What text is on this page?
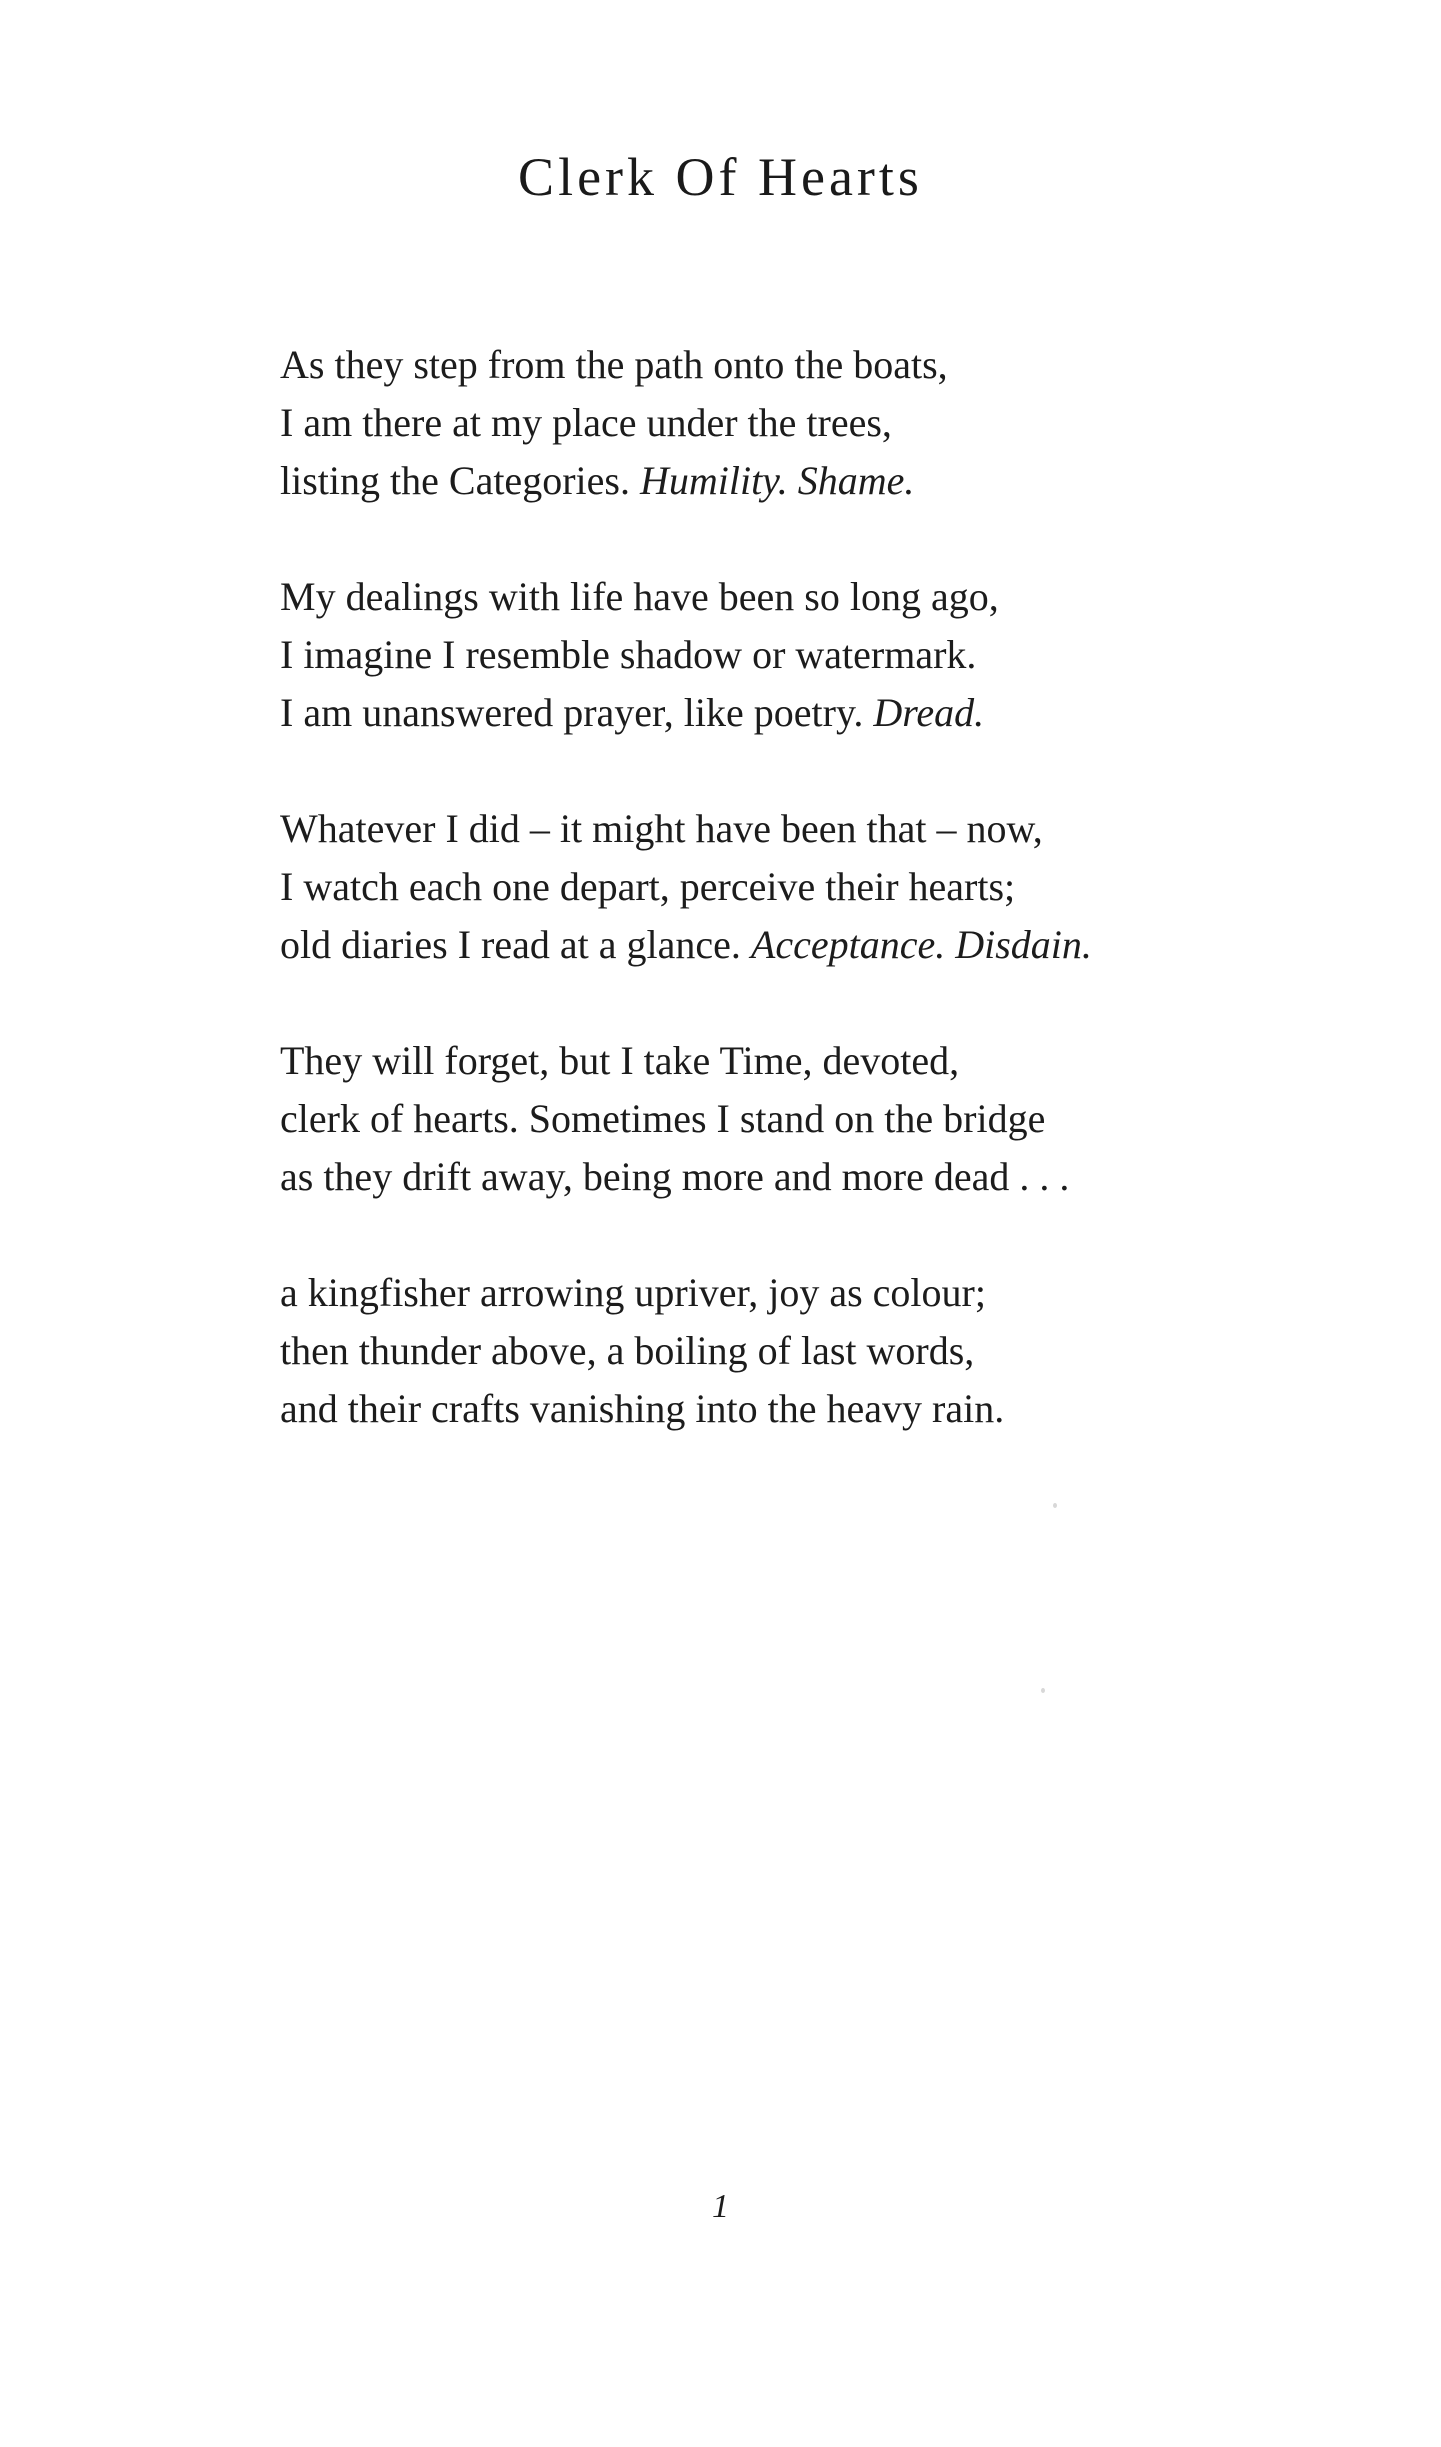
Clerk Of Hearts
As they step from the path onto the boats,
I am there at my place under the trees,
listing the Categories. Humility. Shame.
My dealings with life have been so long ago,
I imagine I resemble shadow or watermark.
I am unanswered prayer, like poetry. Dread.
Whatever I did – it might have been that – now,
I watch each one depart, perceive their hearts;
old diaries I read at a glance. Acceptance. Disdain.
They will forget, but I take Time, devoted,
clerk of hearts. Sometimes I stand on the bridge
as they drift away, being more and more dead . . .
a kingfisher arrowing upriver, joy as colour;
then thunder above, a boiling of last words,
and their crafts vanishing into the heavy rain.
1
